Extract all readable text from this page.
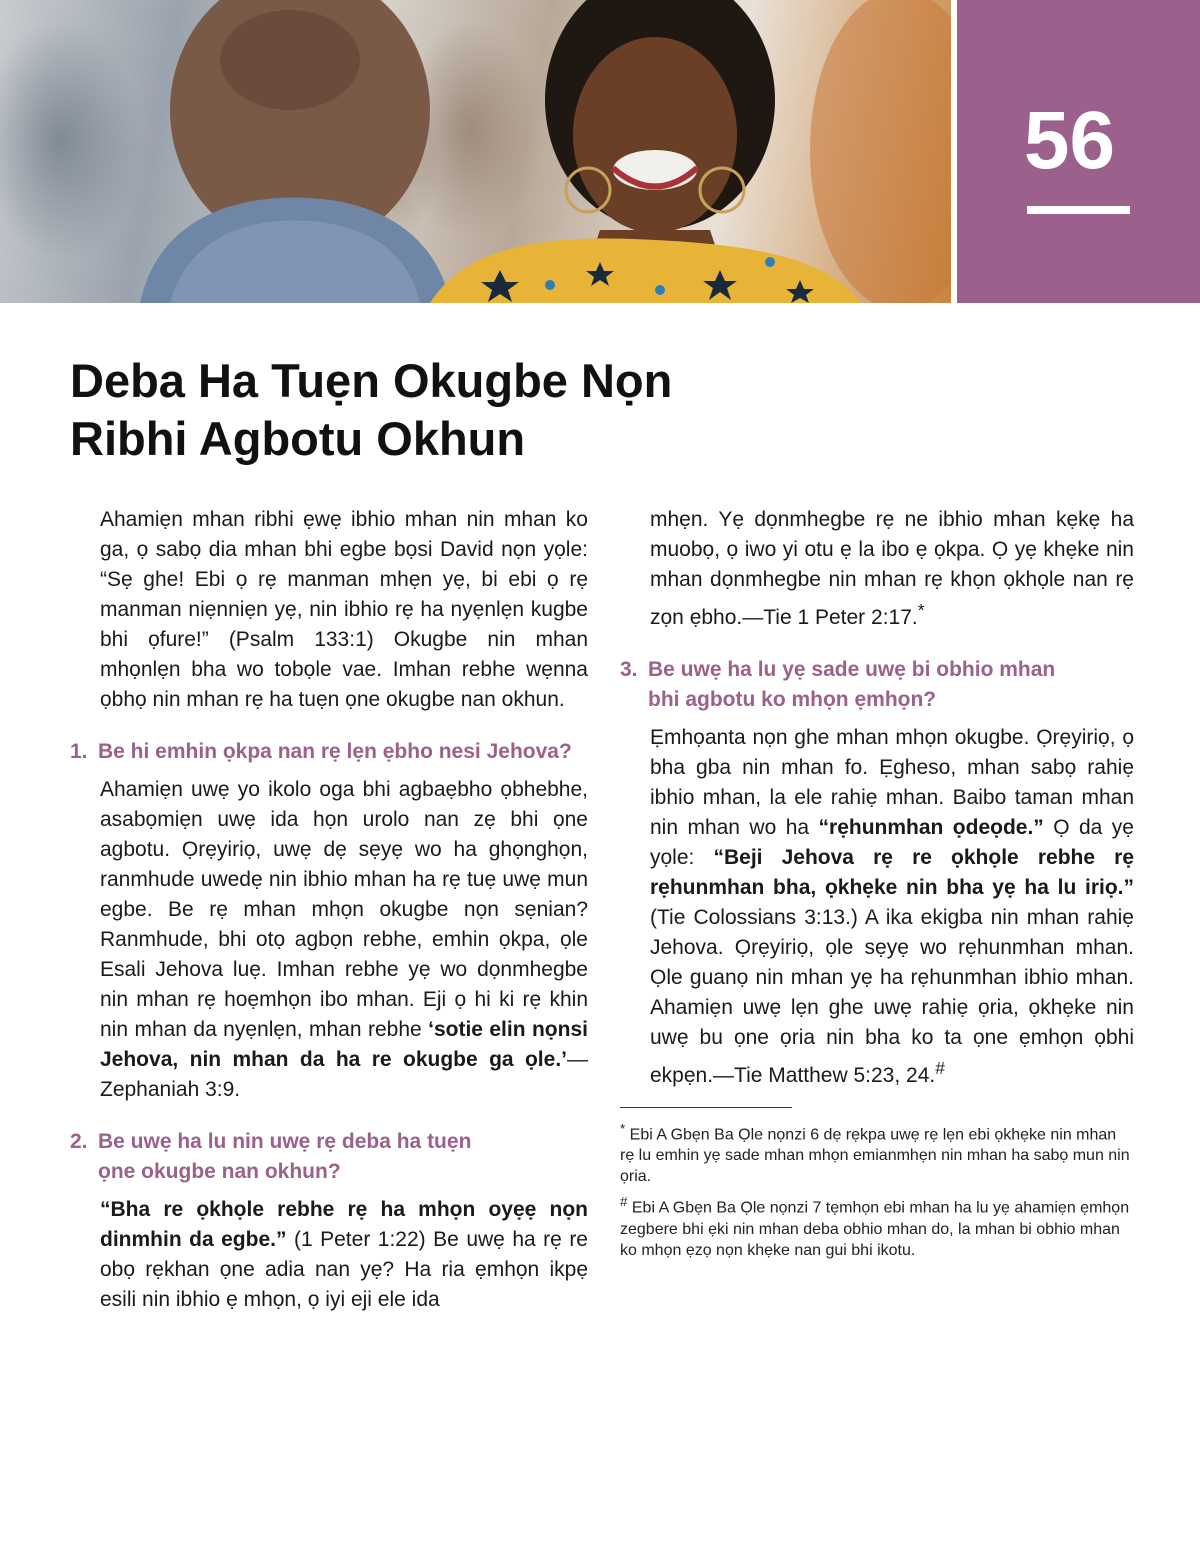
56
Deba Ha Tuẹn Okugbe Nọn
Ribhi Agbotu Okhun

Ahamiẹn mhan ribhi ẹwẹ ibhio mhan nin mhan ko ga, ọ sabọ dia mhan bhi egbe bọsi David nọn yọle: “Sẹ ghe! Ebi ọ rẹ manman mhẹn yẹ, bi ebi ọ rẹ manman niẹnniẹn yẹ, nin ibhio rẹ ha nyẹnlẹn kugbe bhi ọfure!” (Psalm 133:1) Okugbe nin mhan mhọnlẹn bha wo tobọle vae. Imhan rebhe wẹnna ọbhọ nin mhan rẹ ha tuẹn ọne okugbe nan okhun.

1. Be hi emhin ọkpa nan rẹ lẹn ẹbho nesi Jehova?

Ahamiẹn uwẹ yo ikolo oga bhi agbaẹbho ọbhebhe, asabọmiẹn uwẹ ida họn urolo nan zẹ bhi ọne agbotu. Ọrẹyiriọ, uwẹ dẹ sẹyẹ wo ha ghọnghọn, ranmhude uwedẹ nin ibhio mhan ha rẹ tuẹ uwẹ mun egbe. Be rẹ mhan mhọn okugbe nọn sẹnian? Ranmhude, bhi otọ agbọn rebhe, emhin ọkpa, ọle Esali Jehova luẹ. Imhan rebhe yẹ wo dọnmhegbe nin mhan rẹ hoẹmhọn ibo mhan. Eji ọ hi ki rẹ khin nin mhan da nyẹnlẹn, mhan rebhe ‘sotie elin nọnsi Jehova, nin mhan da ha re okugbe ga ọle.’—Zephaniah 3:9.

2. Be uwẹ ha lu nin uwẹ rẹ deba ha tuẹn
ọne okugbe nan okhun?

“Bha re ọkhọle rebhe rẹ ha mhọn oyẹẹ nọn dinmhin da egbe.” (1 Peter 1:22) Be uwẹ ha rẹ re obọ rẹkhan ọne adia nan yẹ? Ha ria ẹmhọn ikpẹ esili nin ibhio ẹ mhọn, ọ iyi eji ele ida

mhẹn. Yẹ dọnmhegbe rẹ ne ibhio mhan kẹkẹ ha muobọ, ọ iwo yi otu ẹ la ibo ẹ ọkpa. Ọ yẹ khẹke nin mhan dọnmhegbe nin mhan rẹ khọn ọkhọle nan rẹ zọn ẹbho.—Tie 1 Peter 2:17.*

3. Be uwẹ ha lu yẹ sade uwẹ bi obhio mhan
bhi agbotu ko mhọn ẹmhọn?

Ẹmhọanta nọn ghe mhan mhọn okugbe. Ọrẹyiriọ, ọ bha gba nin mhan fo. Ẹgheso, mhan sabọ rahiẹ ibhio mhan, la ele rahiẹ mhan. Baibo taman mhan nin mhan wo ha “rẹhunmhan ọdeọde.” Ọ da yẹ yọle: “Beji Jehova rẹ re ọkhọle rebhe rẹ rẹhunmhan bha, ọkhẹke nin bha yẹ ha lu iriọ.” (Tie Colossians 3:13.) A ika ekigba nin mhan rahiẹ Jehova. Ọrẹyiriọ, ọle sẹyẹ wo rẹhunmhan mhan. Ọle guanọ nin mhan yẹ ha rẹhunmhan ibhio mhan. Ahamiẹn uwẹ lẹn ghe uwẹ rahiẹ ọria, ọkhẹke nin uwẹ bu ọne ọria nin bha ko ta ọne ẹmhọn ọbhi ekpẹn.—Tie Matthew 5:23, 24.#

* Ebi A Gbẹn Ba Ọle nọnzi 6 dẹ rẹkpa uwẹ rẹ lẹn ebi ọkhẹke nin mhan rẹ lu emhin yẹ sade mhan mhọn emianmhẹn nin mhan ha sabọ mun nin ọria.

# Ebi A Gbẹn Ba Ọle nọnzi 7 tẹmhọn ebi mhan ha lu yẹ ahamiẹn ẹmhọn zegbere bhi ẹki nin mhan deba obhio mhan do, la mhan bi obhio mhan ko mhọn ẹzọ nọn khẹke nan gui bhi ikotu.
